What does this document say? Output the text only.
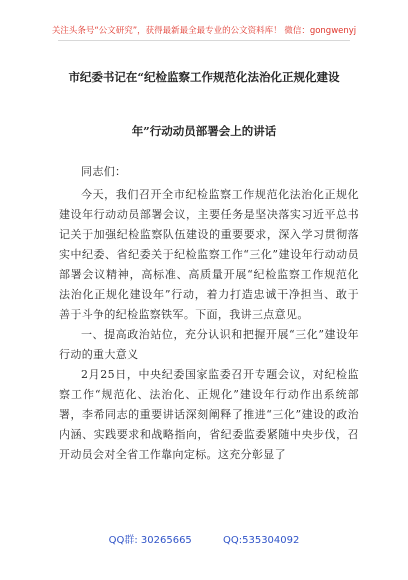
关注头条号“公文研究”，获得最新最全最专业的公文资料库！ 微信：gongwenyj
市纪委书记在“纪检监察工作规范化法治化正规化建设
年”行动动员部署会上的讲话

同志们：

今天，我们召开全市纪检监察工作规范化法治化正规化建设年行动动员部署会议，主要任务是坚决落实习近平总书记关于加强纪检监察队伍建设的重要要求，深入学习贯彻落实中纪委、省纪委关于纪检监察工作“三化”建设年行动动员部署会议精神，高标准、高质量开展“纪检监察工作规范化法治化正规化建设年”行动，着力打造忠诚干净担当、敢于善于斗争的纪检监察铁军。下面，我讲三点意见。

一、提高政治站位，充分认识和把握开展“三化”建设年行动的重大意义

2月25日，中央纪委国家监委召开专题会议，对纪检监察工作“规范化、法治化、正规化”建设年行动作出系统部署，李希同志的重要讲话深刻阐释了推进“三化”建设的政治内涵、实践要求和战略指向，省纪委监委紧随中央步伐，召开动员会对全省工作靠向定标。这充分彰显了

QQ群: 30265665	QQ:535304092
